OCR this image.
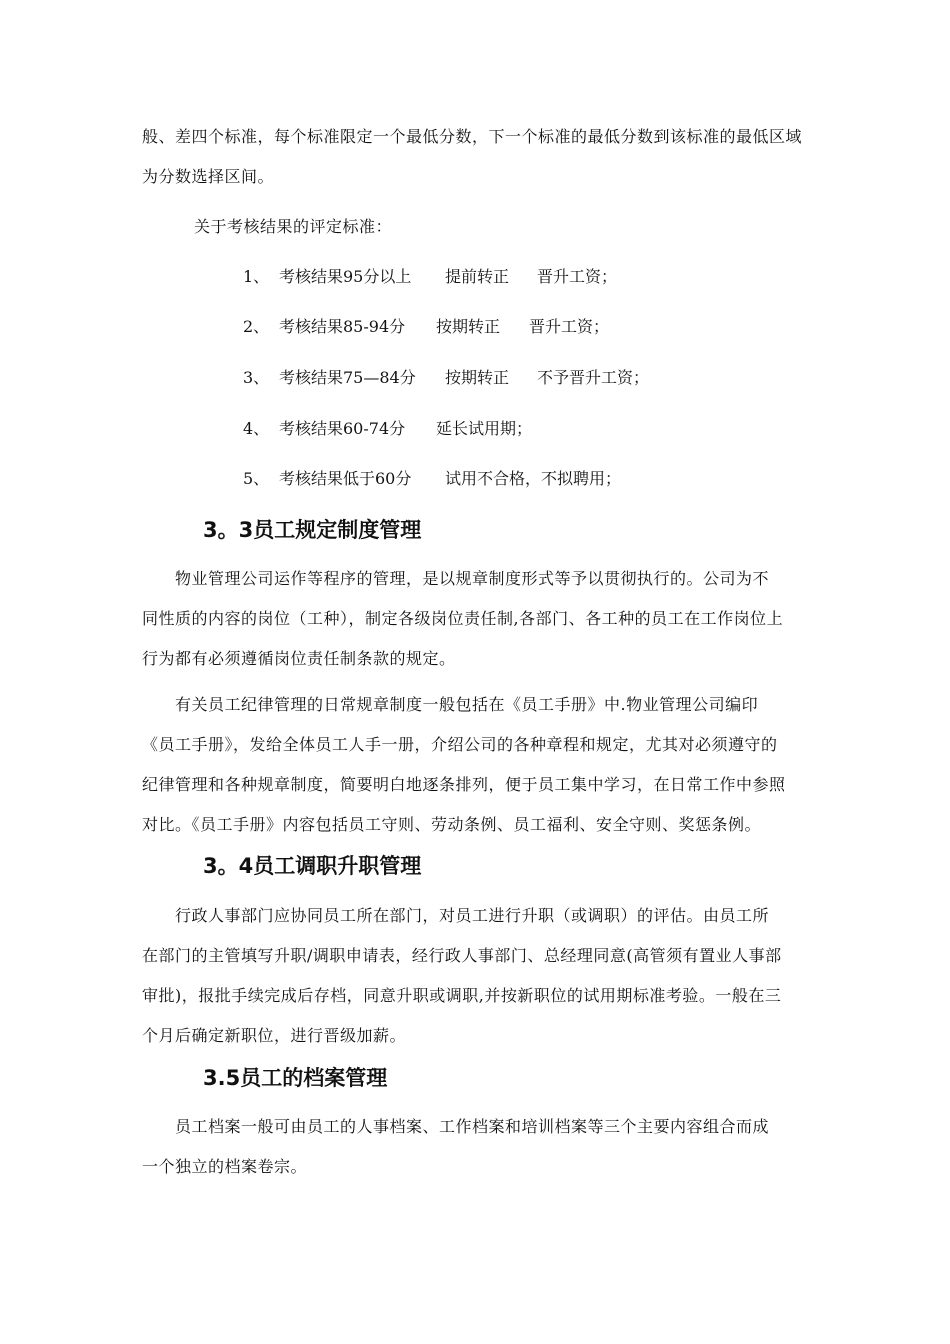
般、差四个标准，每个标准限定一个最低分数，下一个标准的最低分数到该标准的最低区域
为分数选择区间。
关于考核结果的评定标准：
1、 考核结果95分以上 提前转正 晋升工资；
2、 考核结果85-94分 按期转正 晋升工资；
3、 考核结果75—84分 按期转正 不予晋升工资；
4、 考核结果60-74分 延长试用期；
5、 考核结果低于60分 试用不合格，不拟聘用；
3。3员工规定制度管理
　　物业管理公司运作等程序的管理，是以规章制度形式等予以贯彻执行的。公司为不
同性质的内容的岗位（工种），制定各级岗位责任制,各部门、各工种的员工在工作岗位上
行为都有必须遵循岗位责任制条款的规定。
　　有关员工纪律管理的日常规章制度一般包括在《员工手册》中.物业管理公司编印
《员工手册》，发给全体员工人手一册，介绍公司的各种章程和规定，尤其对必须遵守的
纪律管理和各种规章制度，简要明白地逐条排列，便于员工集中学习，在日常工作中参照
对比。《员工手册》内容包括员工守则、劳动条例、员工福利、安全守则、奖惩条例。
3。4员工调职升职管理
　　行政人事部门应协同员工所在部门，对员工进行升职（或调职）的评估。由员工所
在部门的主管填写升职/调职申请表，经行政人事部门、总经理同意(高管须有置业人事部
审批)，报批手续完成后存档，同意升职或调职,并按新职位的试用期标准考验。一般在三
个月后确定新职位，进行晋级加薪。
3.5员工的档案管理
　　员工档案一般可由员工的人事档案、工作档案和培训档案等三个主要内容组合而成
一个独立的档案卷宗。
